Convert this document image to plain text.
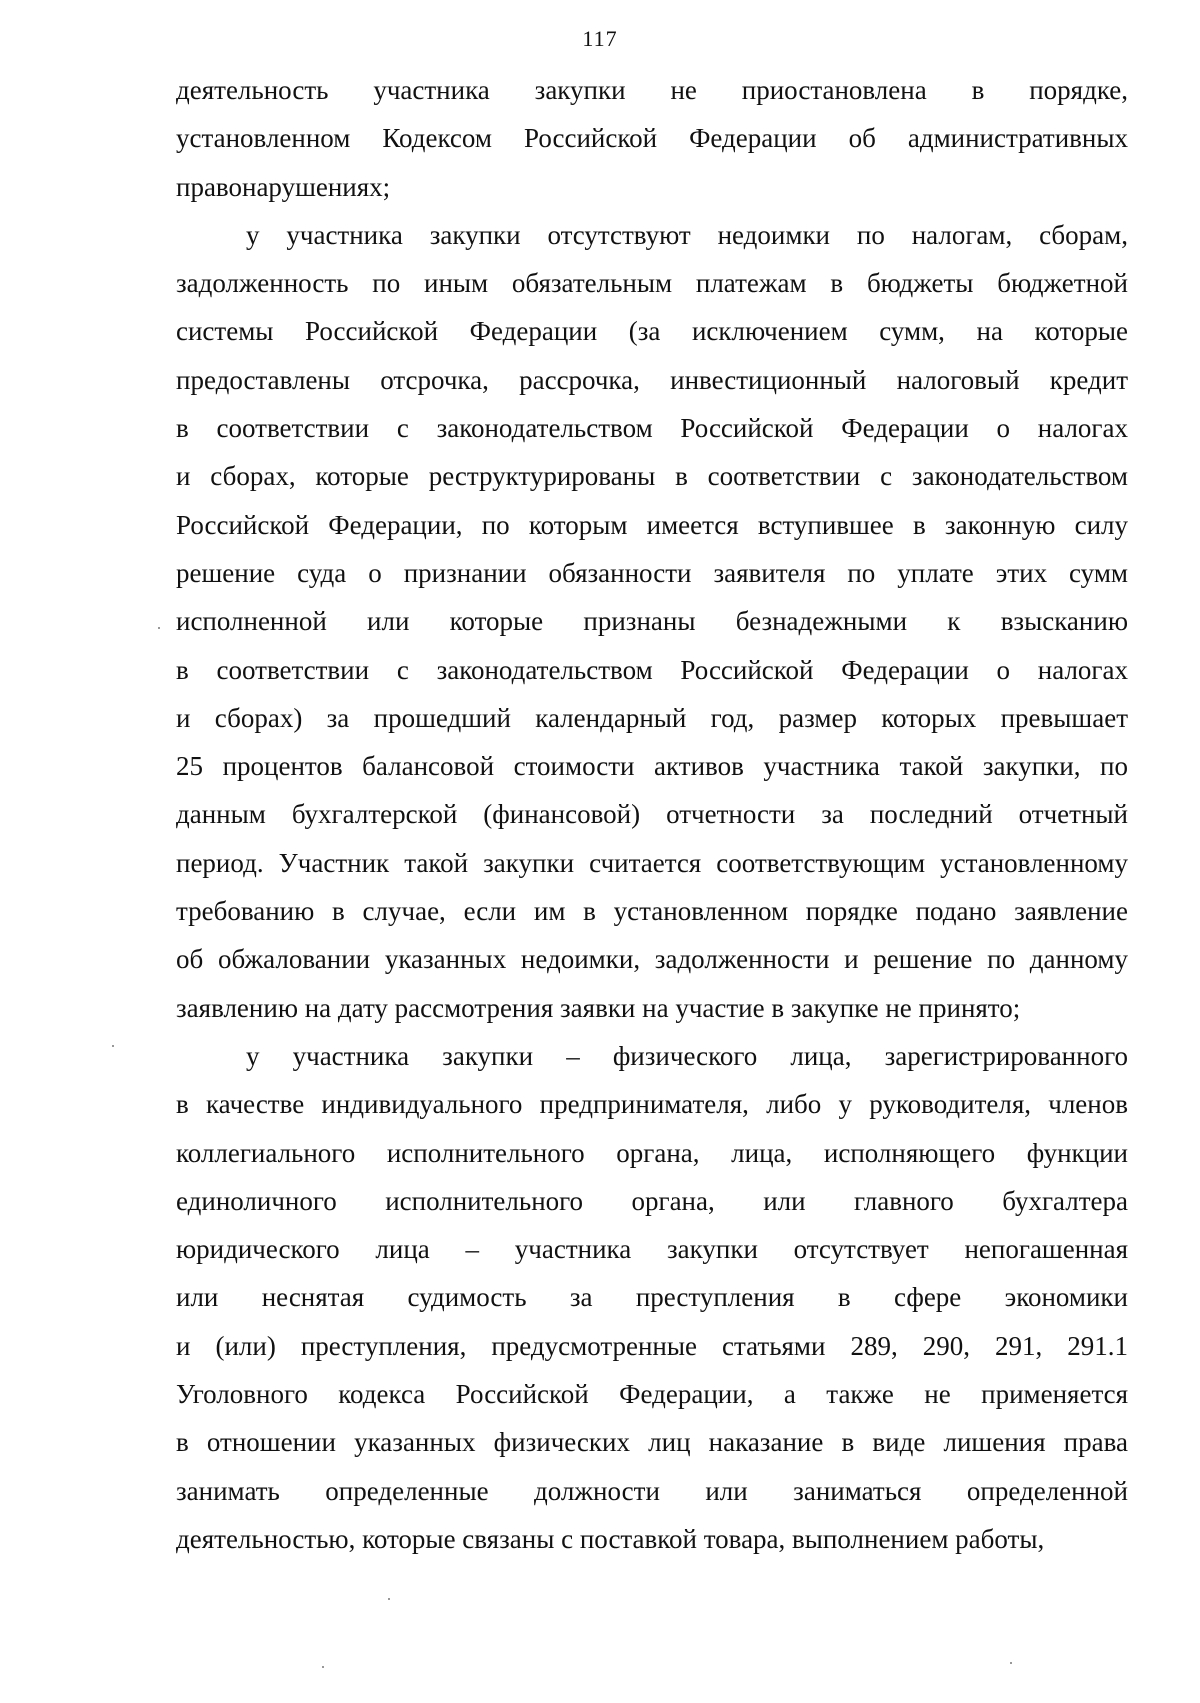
117
деятельность участника закупки не приостановлена в порядке,
установленном Кодексом Российской Федерации об административных
правонарушениях;
у участника закупки отсутствуют недоимки по налогам, сборам,
задолженность по иным обязательным платежам в бюджеты бюджетной
системы Российской Федерации (за исключением сумм, на которые
предоставлены отсрочка, рассрочка, инвестиционный налоговый кредит
в соответствии с законодательством Российской Федерации о налогах
и сборах, которые реструктурированы в соответствии с законодательством
Российской Федерации, по которым имеется вступившее в законную силу
решение суда о признании обязанности заявителя по уплате этих сумм
исполненной или которые признаны безнадежными к взысканию
в соответствии с законодательством Российской Федерации о налогах
и сборах) за прошедший календарный год, размер которых превышает
25 процентов балансовой стоимости активов участника такой закупки, по
данным бухгалтерской (финансовой) отчетности за последний отчетный
период. Участник такой закупки считается соответствующим установленному
требованию в случае, если им в установленном порядке подано заявление
об обжаловании указанных недоимки, задолженности и решение по данному
заявлению на дату рассмотрения заявки на участие в закупке не принято;
у участника закупки – физического лица, зарегистрированного
в качестве индивидуального предпринимателя, либо у руководителя, членов
коллегиального исполнительного органа, лица, исполняющего функции
единоличного исполнительного органа, или главного бухгалтера
юридического лица – участника закупки отсутствует непогашенная
или неснятая судимость за преступления в сфере экономики
и (или) преступления, предусмотренные статьями 289, 290, 291, 291.1
Уголовного кодекса Российской Федерации, а также не применяется
в отношении указанных физических лиц наказание в виде лишения права
занимать определенные должности или заниматься определенной
деятельностью, которые связаны с поставкой товара, выполнением работы,
